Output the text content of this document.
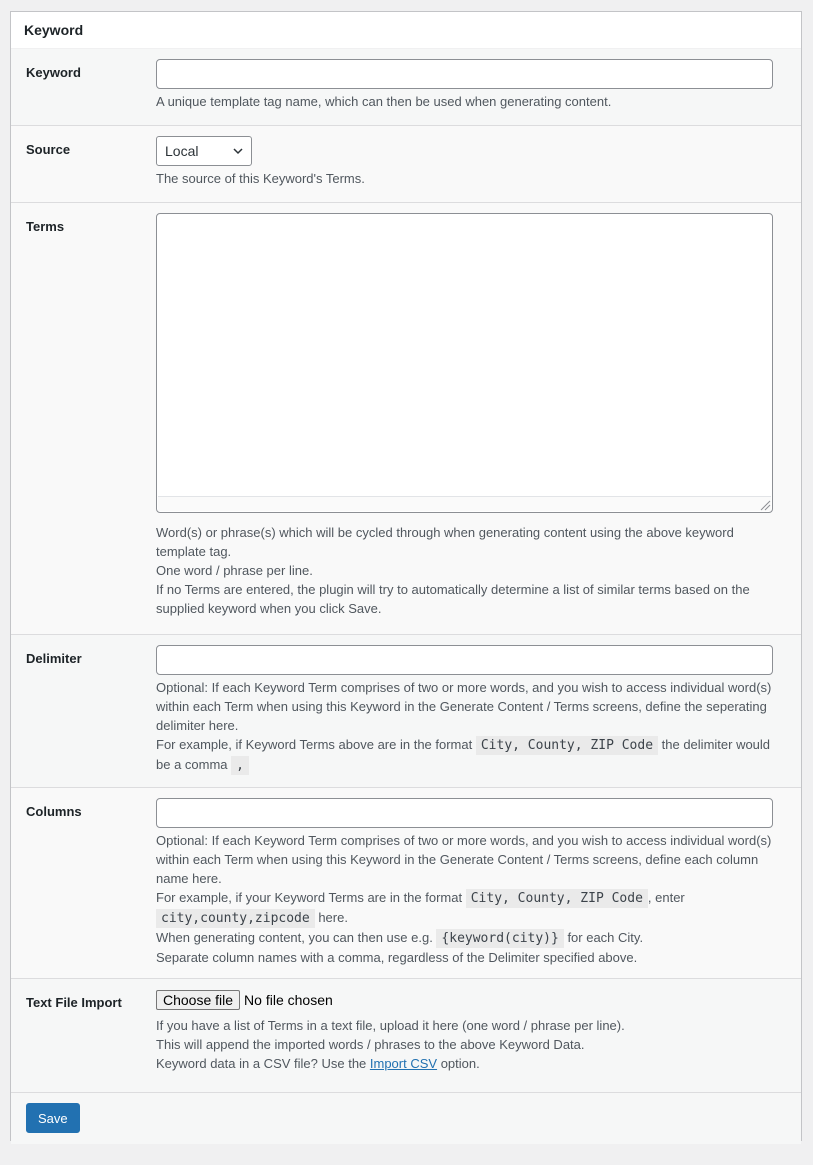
Keyword
Keyword

A unique template tag name, which can then be used when generating content.

Source	Local

The source of this Keyword's Terms.

Terms

Word(s) or phrase(s) which will be cycled through when generating content using the above keyword template tag.
One word / phrase per line.
If no Terms are entered, the plugin will try to automatically determine a list of similar terms based on the supplied keyword when you click Save.

Delimiter

Optional: If each Keyword Term comprises of two or more words, and you wish to access individual word(s) within each Term when using this Keyword in the Generate Content / Terms screens, define the seperating delimiter here.
For example, if Keyword Terms above are in the format City, County, ZIP Code the delimiter would be a comma ,

Columns

Optional: If each Keyword Term comprises of two or more words, and you wish to access individual word(s) within each Term when using this Keyword in the Generate Content / Terms screens, define each column name here.
For example, if your Keyword Terms are in the format City, County, ZIP Code , enter city,county,zipcode here.
When generating content, you can then use e.g. {keyword(city)} for each City.
Separate column names with a comma, regardless of the Delimiter specified above.

Text File Import	Choose file No file chosen

If you have a list of Terms in a text file, upload it here (one word / phrase per line).
This will append the imported words / phrases to the above Keyword Data.
Keyword data in a CSV file? Use the Import CSV option.

Save
